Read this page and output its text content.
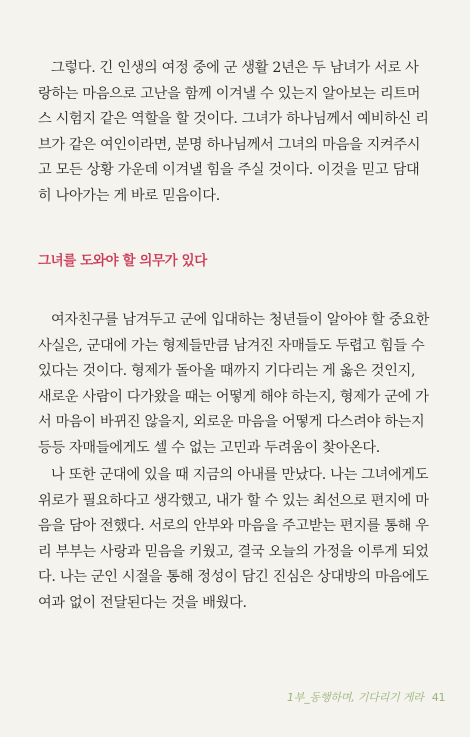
그렇다. 긴 인생의 여정 중에 군 생활 2년은 두 남녀가 서로 사
랑하는 마음으로 고난을 함께 이겨낼 수 있는지 알아보는 리트머
스 시험지 같은 역할을 할 것이다. 그녀가 하나님께서 예비하신 리
브가 같은 여인이라면, 분명 하나님께서 그녀의 마음을 지켜주시
고 모든 상황 가운데 이겨낼 힘을 주실 것이다. 이것을 믿고 담대
히 나아가는 게 바로 믿음이다.

그녀를 도와야 할 의무가 있다

여자친구를 남겨두고 군에 입대하는 청년들이 알아야 할 중요한
사실은, 군대에 가는 형제들만큼 남겨진 자매들도 두렵고 힘들 수
있다는 것이다. 형제가 돌아올 때까지 기다리는 게 옳은 것인지,
새로운 사람이 다가왔을 때는 어떻게 해야 하는지, 형제가 군에 가
서 마음이 바뀌진 않을지, 외로운 마음을 어떻게 다스려야 하는지
등등 자매들에게도 셀 수 없는 고민과 두려움이 찾아온다.

나 또한 군대에 있을 때 지금의 아내를 만났다. 나는 그녀에게도
위로가 필요하다고 생각했고, 내가 할 수 있는 최선으로 편지에 마
음을 담아 전했다. 서로의 안부와 마음을 주고받는 편지를 통해 우
리 부부는 사랑과 믿음을 키웠고, 결국 오늘의 가정을 이루게 되었
다. 나는 군인 시절을 통해 정성이 담긴 진심은 상대방의 마음에도
여과 없이 전달된다는 것을 배웠다.

1부_동행하며, 기다리기 게라 41
